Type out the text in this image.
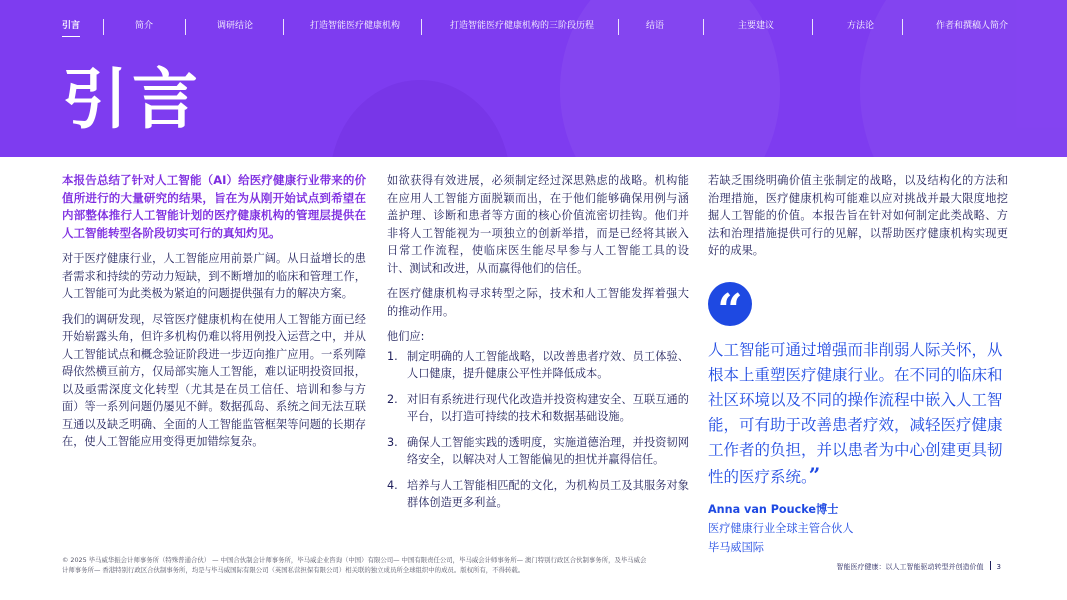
引言	简介	调研结论	打造智能医疗健康机构	打造智能医疗健康机构的三阶段历程	结语	主要建议	方法论	作者和撰稿人简介
引言

本报告总结了针对人工智能（AI）给医疗健康行业带来的价值所进行的大量研究的结果，旨在为从刚开始试点到希望在内部整体推行人工智能计划的医疗健康机构的管理层提供在人工智能转型各阶段切实可行的真知灼见。

对于医疗健康行业，人工智能应用前景广阔。从日益增长的患者需求和持续的劳动力短缺，到不断增加的临床和管理工作，人工智能可为此类极为紧迫的问题提供强有力的解决方案。

我们的调研发现，尽管医疗健康机构在使用人工智能方面已经开始崭露头角，但许多机构仍难以将用例投入运营之中，并从人工智能试点和概念验证阶段进一步迈向推广应用。一系列障碍依然横亘前方，仅局部实施人工智能，难以证明投资回报，以及亟需深度文化转型（尤其是在员工信任、培训和参与方面）等一系列问题仍屡见不鲜。数据孤岛、系统之间无法互联互通以及缺乏明确、全面的人工智能监管框架等问题的长期存在，使人工智能应用变得更加错综复杂。

如欲获得有效进展，必须制定经过深思熟虑的战略。机构能在应用人工智能方面脱颖而出，在于他们能够确保用例与涵盖护理、诊断和患者等方面的核心价值流密切挂钩。他们并非将人工智能视为一项独立的创新举措，而是已经将其嵌入日常工作流程，使临床医生能尽早参与人工智能工具的设计、测试和改进，从而赢得他们的信任。

在医疗健康机构寻求转型之际，技术和人工智能发挥着强大的推动作用。

他们应:

1. 制定明确的人工智能战略，以改善患者疗效、员工体验、人口健康，提升健康公平性并降低成本。
2. 对旧有系统进行现代化改造并投资构建安全、互联互通的平台，以打造可持续的技术和数据基础设施。
3. 确保人工智能实践的透明度，实施道德治理，并投资韧网络安全，以解决对人工智能偏见的担忧并赢得信任。
4. 培养与人工智能相匹配的文化，为机构员工及其服务对象群体创造更多利益。

若缺乏围绕明确价值主张制定的战略，以及结构化的方法和治理措施，医疗健康机构可能难以应对挑战并最大限度地挖掘人工智能的价值。本报告旨在针对如何制定此类战略、方法和治理措施提供可行的见解，以帮助医疗健康机构实现更好的成果。

“

人工智能可通过增强而非削弱人际关怀，从根本上重塑医疗健康行业。在不同的临床和社区环境以及不同的操作流程中嵌入人工智能，可有助于改善患者疗效，减轻医疗健康工作者的负担，并以患者为中心创建更具韧性的医疗系统。”

Anna van Poucke博士
医疗健康行业全球主管合伙人
毕马威国际
© 2025 毕马威华振会计师事务所（特殊普通合伙） — 中国合伙制会计师事务所，毕马威企业咨询（中国）有限公司— 中国有限责任公司，毕马威会计师事务所— 澳门特别行政区合伙制事务所，及毕马威会计师事务所— 香港特别行政区合伙制事务所，均是与毕马威国际有限公司（英国私营担保有限公司）相关联的独立成员所全球组织中的成员。版权所有，不得转载。	智能医疗健康：以人工智能驱动转型并创造价值 3
